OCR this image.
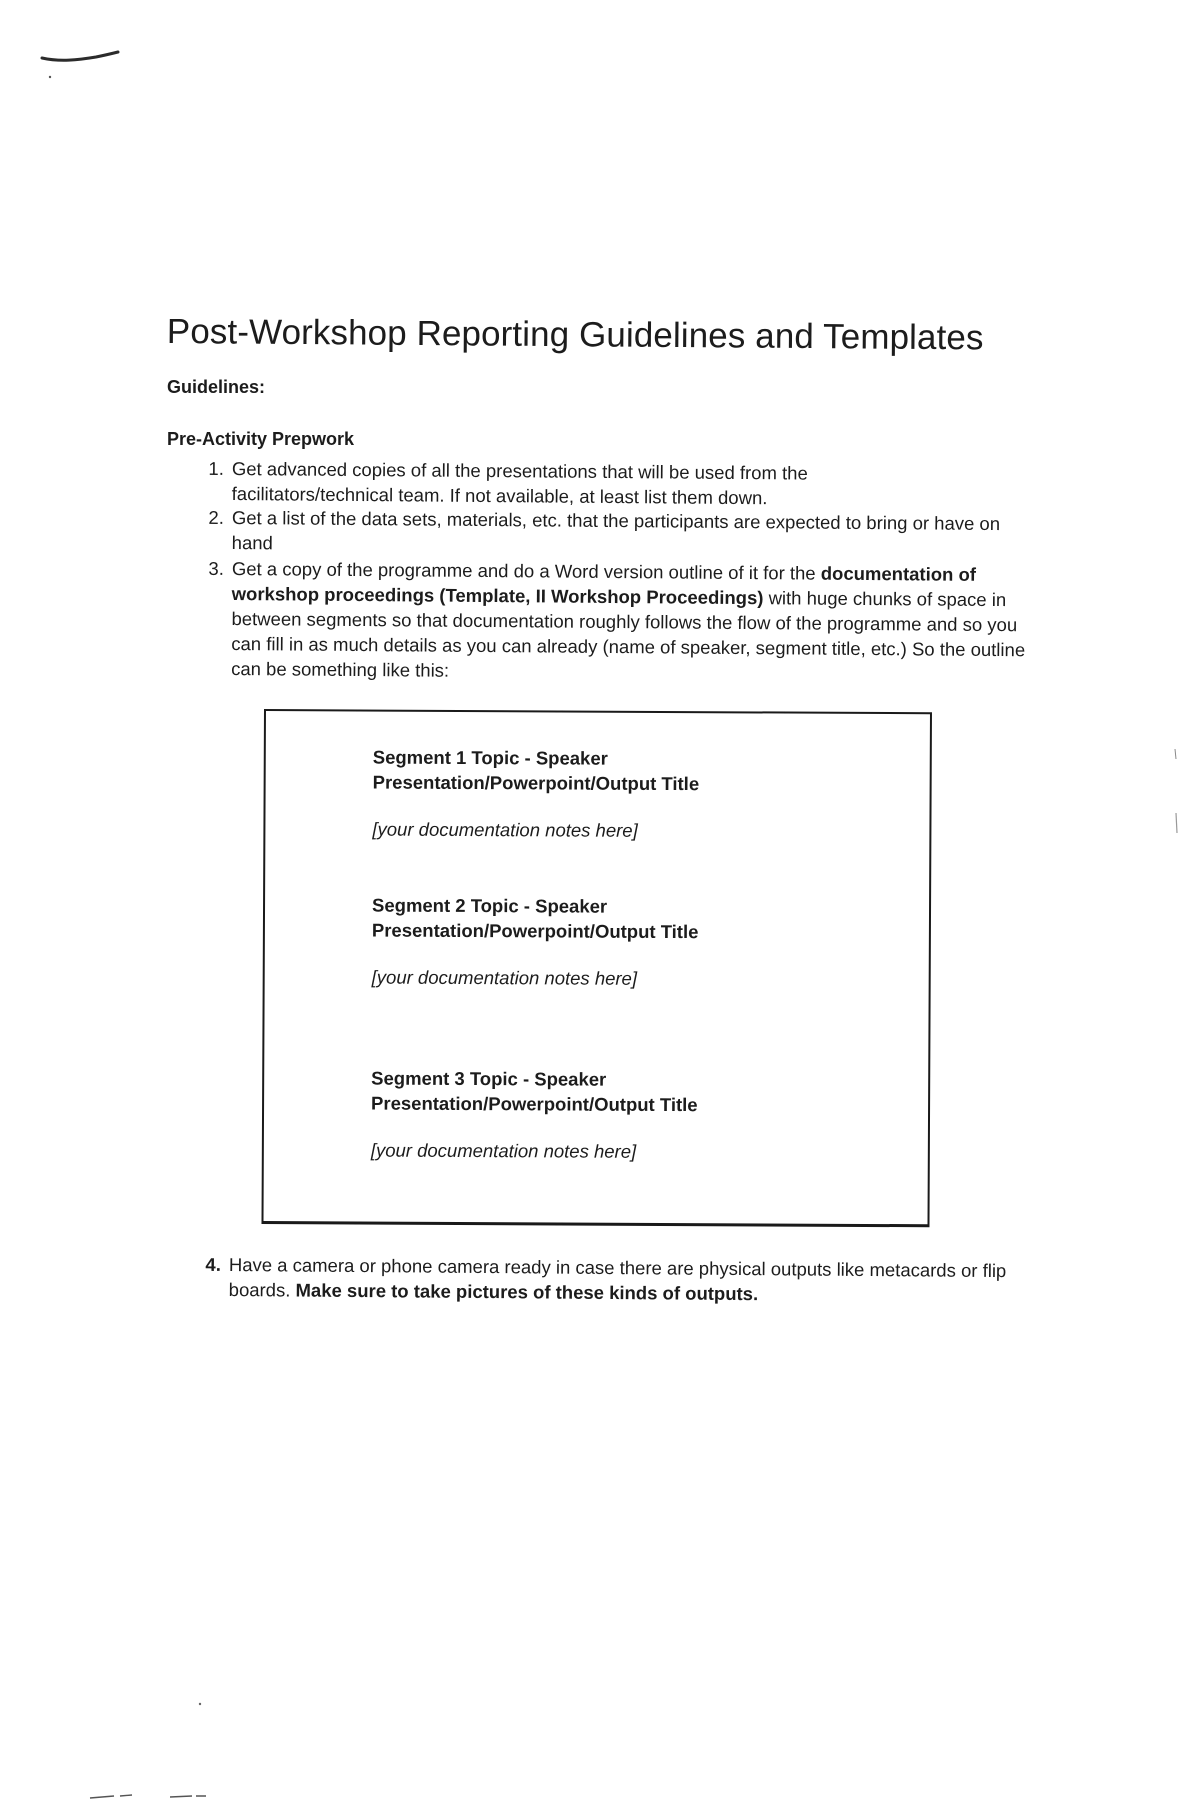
Post-Workshop Reporting Guidelines and Templates
Guidelines:
Pre-Activity Prepwork
1. Get advanced copies of all the presentations that will be used from the facilitators/technical team. If not available, at least list them down.
2. Get a list of the data sets, materials, etc. that the participants are expected to bring or have on hand
3. Get a copy of the programme and do a Word version outline of it for the documentation of workshop proceedings (Template, II Workshop Proceedings) with huge chunks of space in between segments so that documentation roughly follows the flow of the programme and so you can fill in as much details as you can already (name of speaker, segment title, etc.) So the outline can be something like this:
4. Have a camera or phone camera ready in case there are physical outputs like metacards or flip boards. Make sure to take pictures of these kinds of outputs.

Segment 1 Topic - Speaker

Presentation/Powerpoint/Output Title

[your documentation notes here]

Segment 2 Topic - Speaker

Presentation/Powerpoint/Output Title

[your documentation notes here]

Segment 3 Topic - Speaker

Presentation/Powerpoint/Output Title

[your documentation notes here]
